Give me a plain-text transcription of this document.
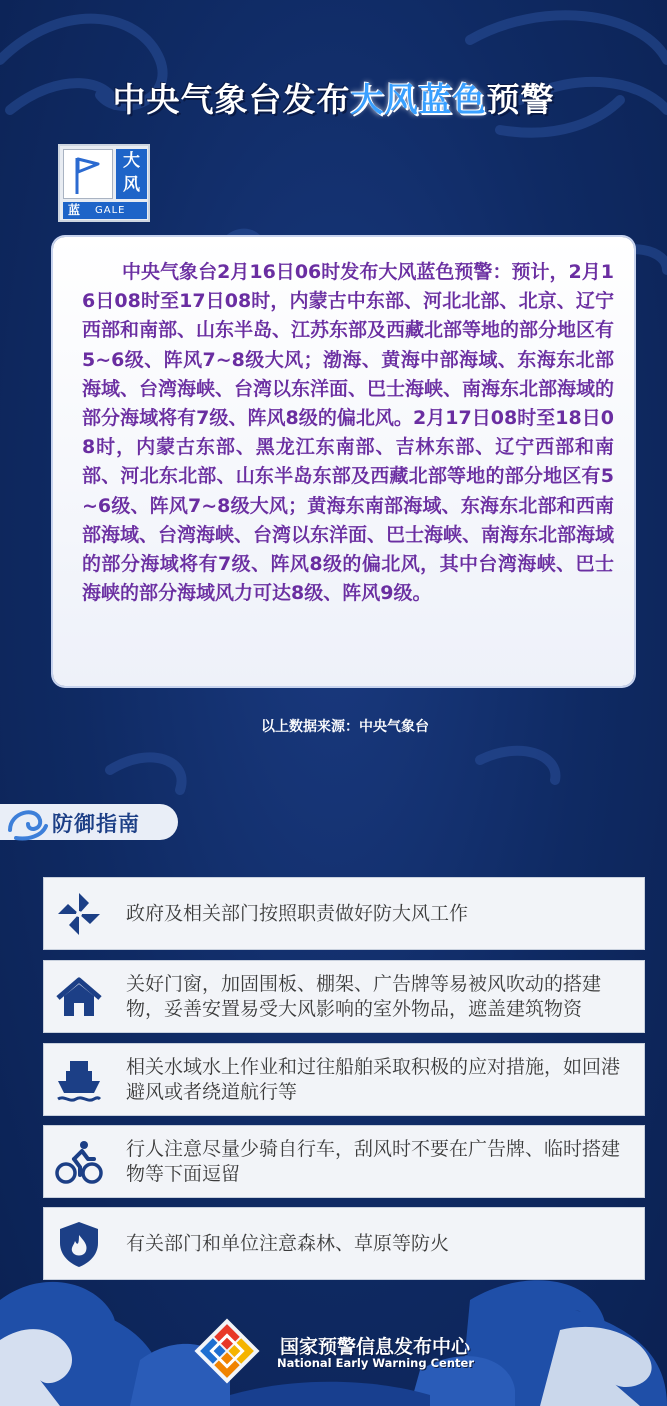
中央气象台发布大风蓝色预警
大
风
蓝 GALE
中央气象台2月16日06时发布大风蓝色预警：预计，2月16日08时至17日08时，内蒙古中东部、河北北部、北京、辽宁西部和南部、山东半岛、江苏东部及西藏北部等地的部分地区有5~6级、阵风7~8级大风；渤海、黄海中部海域、东海东北部海域、台湾海峡、台湾以东洋面、巴士海峡、南海东北部海域的部分海域将有7级、阵风8级的偏北风。2月17日08时至18日08时，内蒙古东部、黑龙江东南部、吉林东部、辽宁西部和南部、河北东北部、山东半岛东部及西藏北部等地的部分地区有5~6级、阵风7~8级大风；黄海东南部海域、东海东北部和西南部海域、台湾海峡、台湾以东洋面、巴士海峡、南海东北部海域的部分海域将有7级、阵风8级的偏北风，其中台湾海峡、巴士海峡的部分海域风力可达8级、阵风9级。
以上数据来源：中央气象台
防御指南
政府及相关部门按照职责做好防大风工作
关好门窗，加固围板、棚架、广告牌等易被风吹动的搭建物，妥善安置易受大风影响的室外物品，遮盖建筑物资
相关水域水上作业和过往船舶采取积极的应对措施，如回港避风或者绕道航行等
行人注意尽量少骑自行车，刮风时不要在广告牌、临时搭建物等下面逗留
有关部门和单位注意森林、草原等防火
国家预警信息发布中心
National Early Warning Center
